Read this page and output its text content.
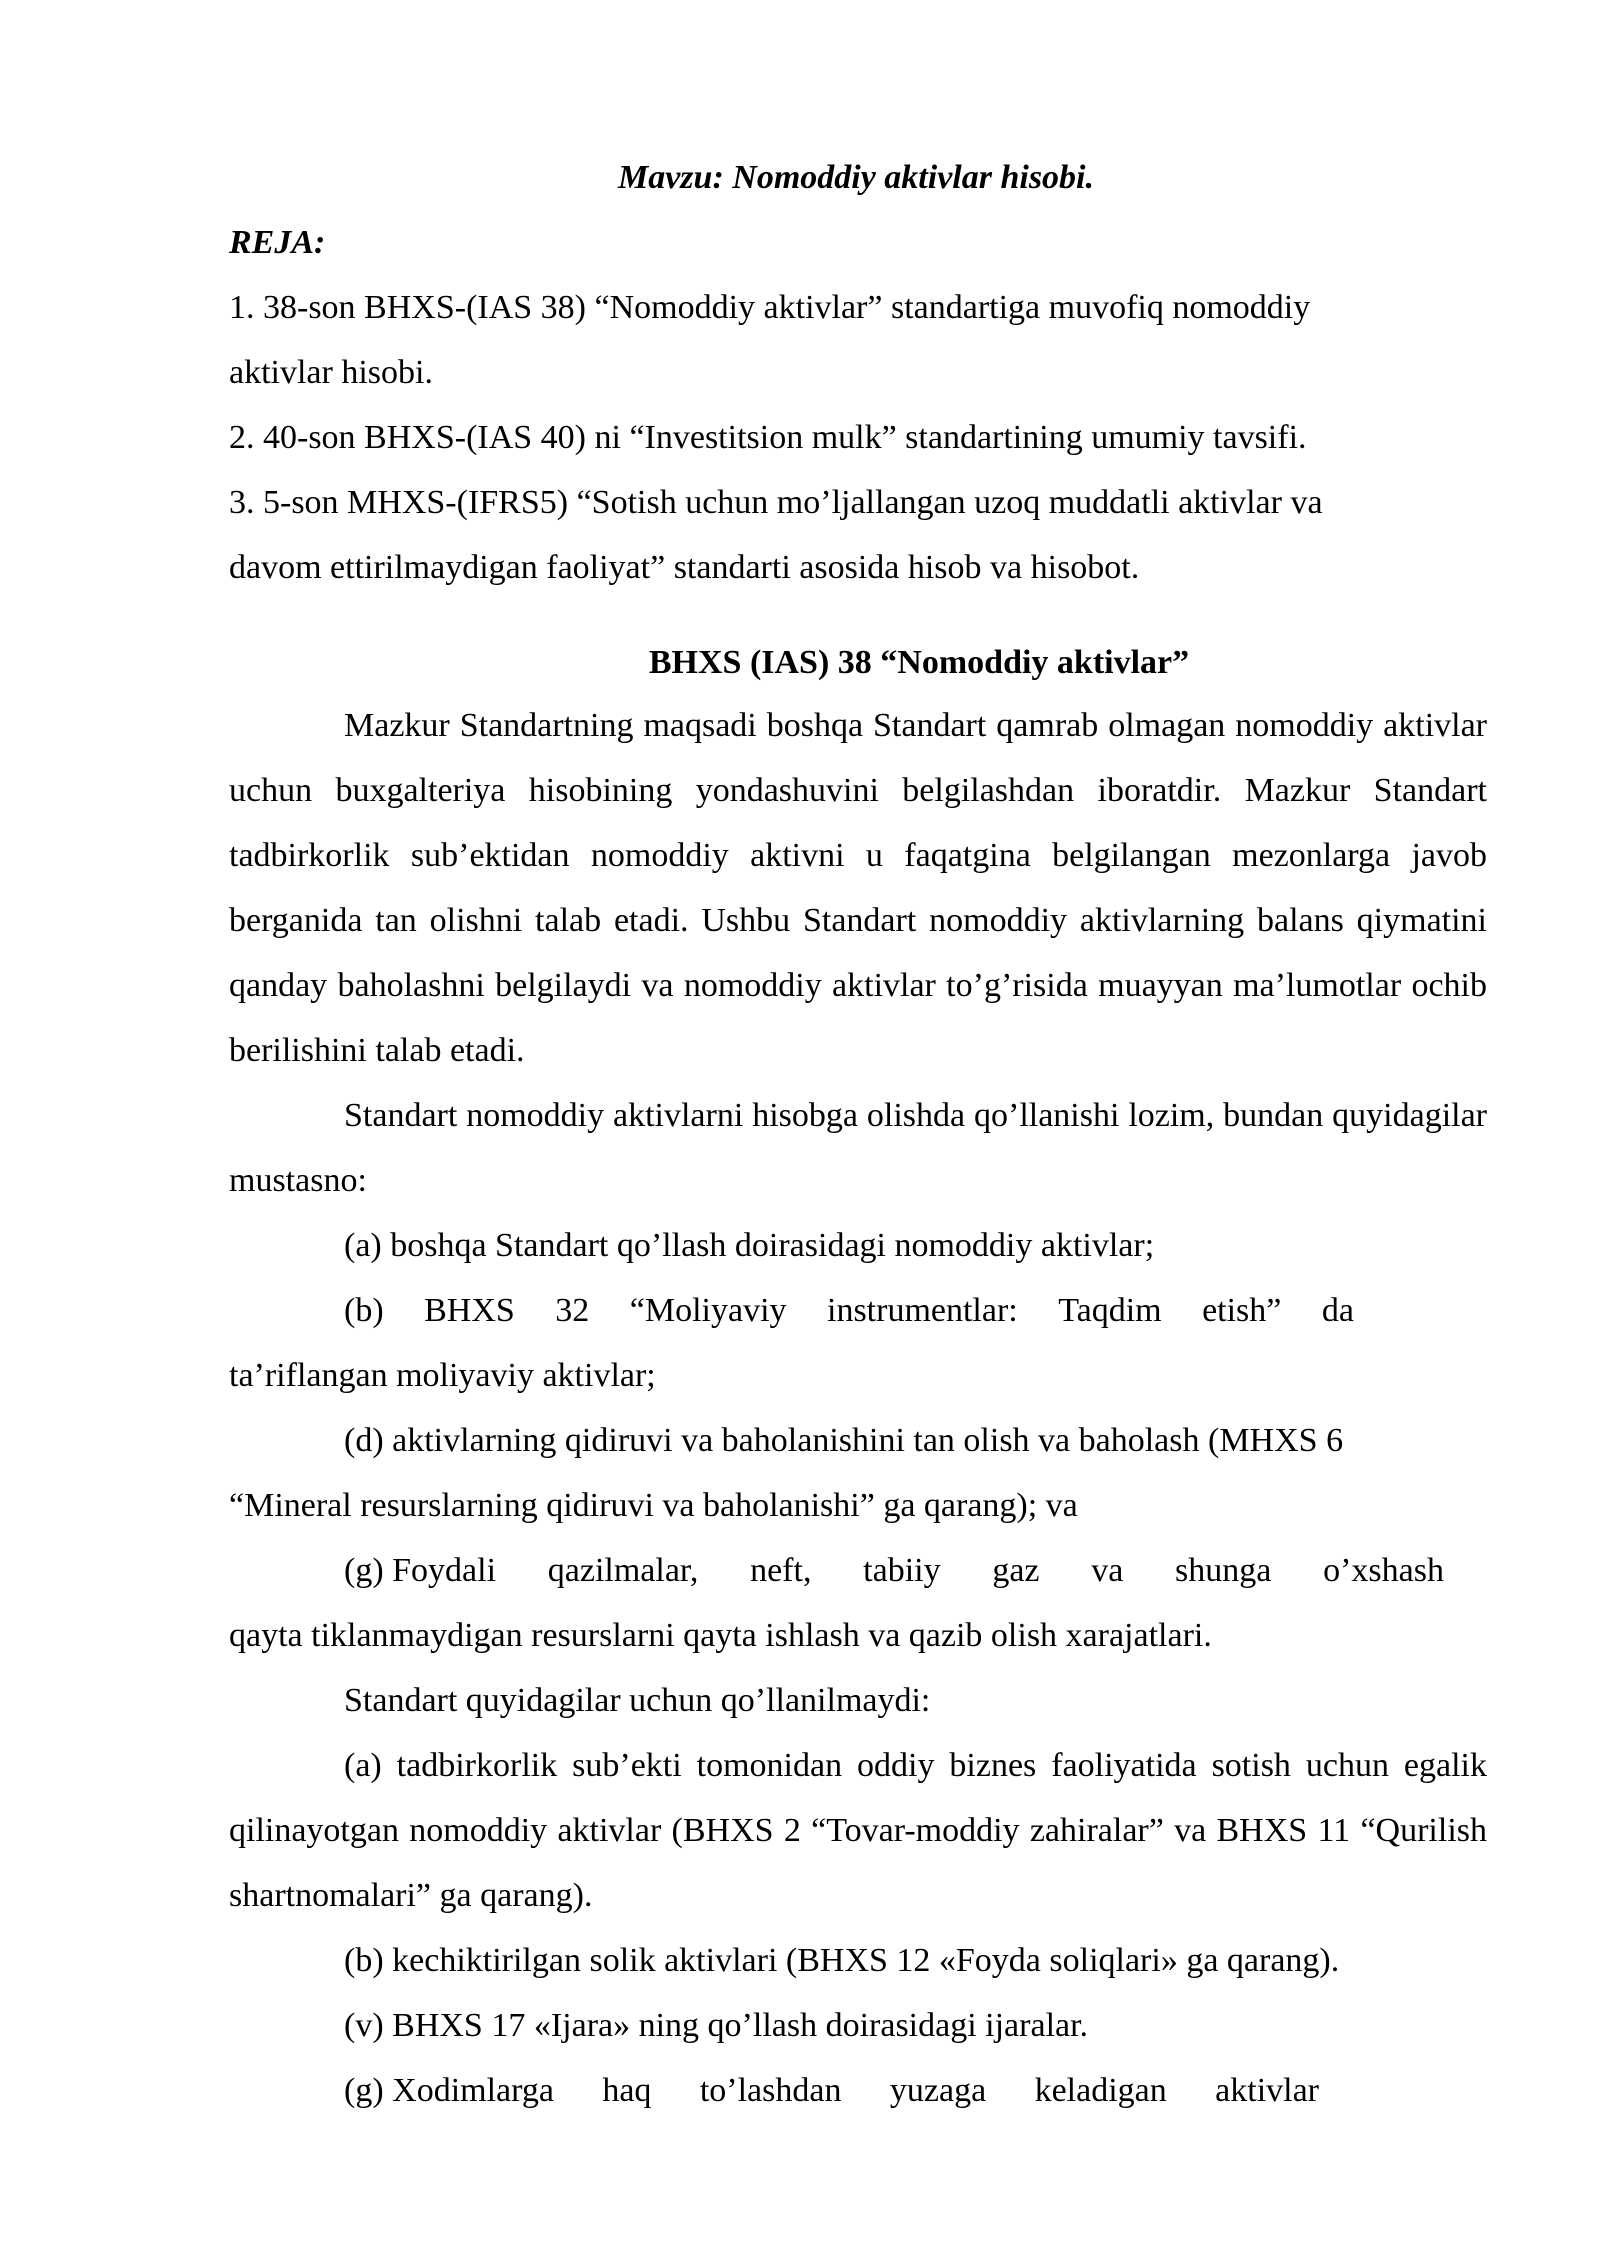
Mavzu: Nomoddiy aktivlar hisobi.
REJA:
1. 38-son BHXS-(IAS 38) “Nomoddiy aktivlar” standartiga muvofiq nomoddiy
aktivlar hisobi.
2. 40-son BHXS-(IAS 40) ni “Investitsion mulk” standartining umumiy tavsifi.
3. 5-son MHXS-(IFRS5) “Sotish uchun mo’ljallangan uzoq muddatli aktivlar va
davom ettirilmaydigan faoliyat” standarti asosida hisob va hisobot.
BHXS (IAS) 38 “Nomoddiy aktivlar”
Mazkur Standartning maqsadi boshqa Standart qamrab olmagan nomoddiy aktivlar uchun buxgalteriya hisobining yondashuvini belgilashdan iboratdir. Mazkur Standart tadbirkorlik sub’ektidan nomoddiy aktivni u faqatgina belgilangan mezonlarga javob berganida tan olishni talab etadi. Ushbu Standart nomoddiy aktivlarning balans qiymatini qanday baholashni belgilaydi va nomoddiy aktivlar to’g’risida muayyan ma’lumotlar ochib berilishini talab etadi.
Standart nomoddiy aktivlarni hisobga olishda qo’llanishi lozim, bundan quyidagilar mustasno:
(a) boshqa Standart qo’llash doirasidagi nomoddiy aktivlar;
(b) BHXS 32 “Moliyaviy instrumentlar: Taqdim etish” da
ta’riflangan moliyaviy aktivlar;
(d) aktivlarning qidiruvi va baholanishini tan olish va baholash (MHXS 6
“Mineral resurslarning qidiruvi va baholanishi” ga qarang); va
(g) Foydali qazilmalar, neft, tabiiy gaz va shunga o’xshash
qayta tiklanmaydigan resurslarni qayta ishlash va qazib olish xarajatlari.
Standart quyidagilar uchun qo’llanilmaydi:
(a) tadbirkorlik sub’ekti tomonidan oddiy biznes faoliyatida sotish uchun egalik qilinayotgan nomoddiy aktivlar (BHXS 2 “Tovar-moddiy zahiralar” va BHXS 11 “Qurilish shartnomalari” ga qarang).
(b) kechiktirilgan solik aktivlari (BHXS 12 «Foyda soliqlari» ga qarang).
(v) BHXS 17 «Ijara» ning qo’llash doirasidagi ijaralar.
(g) Xodimlarga haq to’lashdan yuzaga keladigan aktivlar
